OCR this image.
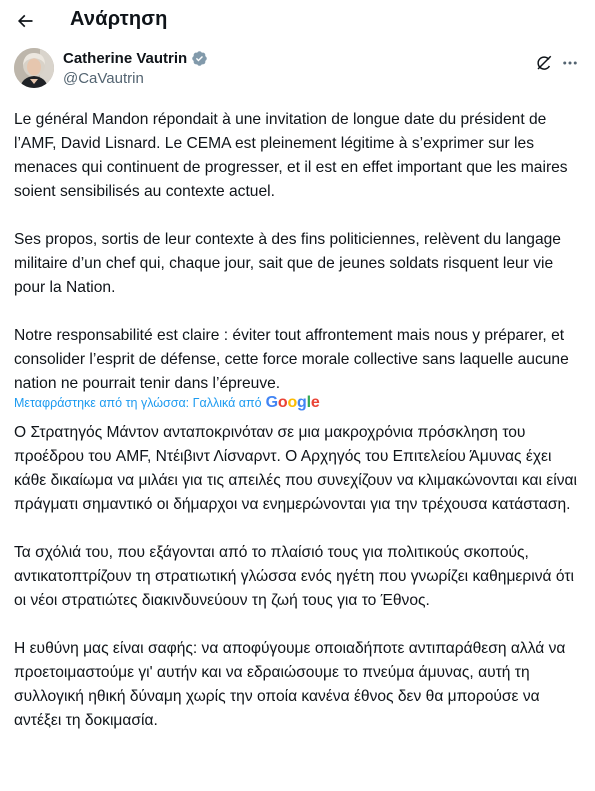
Ανάρτηση
Catherine Vautrin
@CaVautrin

Le général Mandon répondait à une invitation de longue date du président de l’AMF, David Lisnard. Le CEMA est pleinement légitime à s’exprimer sur les menaces qui continuent de progresser, et il est en effet important que les maires soient sensibilisés au contexte actuel.

Ses propos, sortis de leur contexte à des fins politiciennes, relèvent du langage militaire d’un chef qui, chaque jour, sait que de jeunes soldats risquent leur vie pour la Nation.

Notre responsabilité est claire : éviter tout affrontement mais nous y préparer, et consolider l’esprit de défense, cette force morale collective sans laquelle aucune nation ne pourrait tenir dans l’épreuve.

Μεταφράστηκε από τη γλώσσα: Γαλλικά από Google

Ο Στρατηγός Μάντον ανταποκρινόταν σε μια μακροχρόνια πρόσκληση του προέδρου του AMF, Ντέιβιντ Λίσναρντ. Ο Αρχηγός του Επιτελείου Άμυνας έχει κάθε δικαίωμα να μιλάει για τις απειλές που συνεχίζουν να κλιμακώνονται και είναι πράγματι σημαντικό οι δήμαρχοι να ενημερώνονται για την τρέχουσα κατάσταση.

Τα σχόλιά του, που εξάγονται από το πλαίσιό τους για πολιτικούς σκοπούς, αντικατοπτρίζουν τη στρατιωτική γλώσσα ενός ηγέτη που γνωρίζει καθημερινά ότι οι νέοι στρατιώτες διακινδυνεύουν τη ζωή τους για το Έθνος.

Η ευθύνη μας είναι σαφής: να αποφύγουμε οποιαδήποτε αντιπαράθεση αλλά να προετοιμαστούμε γι' αυτήν και να εδραιώσουμε το πνεύμα άμυνας, αυτή τη συλλογική ηθική δύναμη χωρίς την οποία κανένα έθνος δεν θα μπορούσε να αντέξει τη δοκιμασία.
